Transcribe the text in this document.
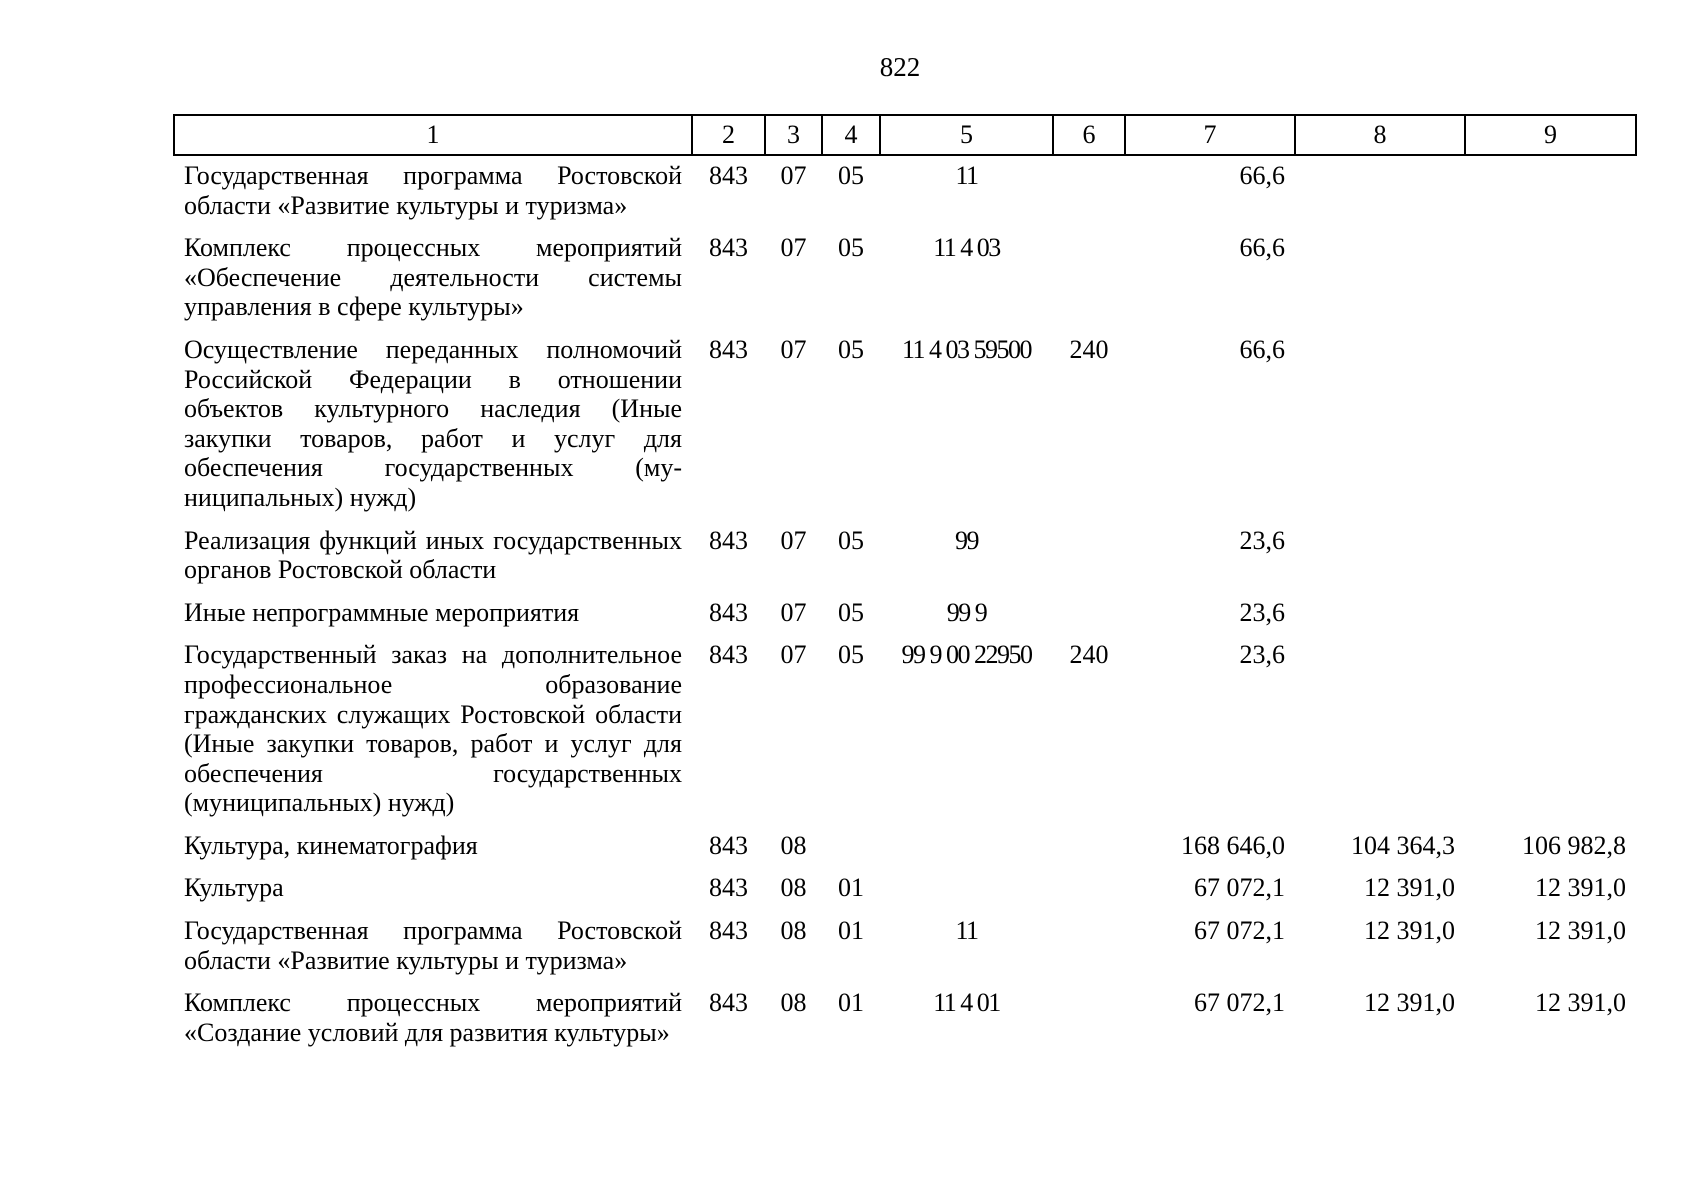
822
1	2	3	4	5	6	7	8	9
Государственная программа Ростовской области «Развитие культуры и туризма»	843	07	05	11		66,6		
Комплекс процессных мероприятий «Обеспечение деятельности системы управления в сфере культуры»	843	07	05	11 4 03		66,6		
Осуществление переданных полномочий Российской Федерации в отношении объектов культурного наследия (Иные закупки товаров, работ и услуг для обеспечения государственных (муниципальных) нужд)	843	07	05	11 4 03 59500	240	66,6		
Реализация функций иных государственных органов Ростовской области	843	07	05	99		23,6		
Иные непрограммные мероприятия	843	07	05	99 9		23,6		
Государственный заказ на дополнительное профессиональное образование гражданских служащих Ростовской области (Иные закупки товаров, работ и услуг для обеспечения государственных (муниципальных) нужд)	843	07	05	99 9 00 22950	240	23,6		
Культура, кинематография	843	08				168 646,0	104 364,3	106 982,8
Культура	843	08	01			67 072,1	12 391,0	12 391,0
Государственная программа Ростовской области «Развитие культуры и туризма»	843	08	01	11		67 072,1	12 391,0	12 391,0
Комплекс процессных мероприятий «Создание условий для развития культуры»	843	08	01	11 4 01		67 072,1	12 391,0	12 391,0
